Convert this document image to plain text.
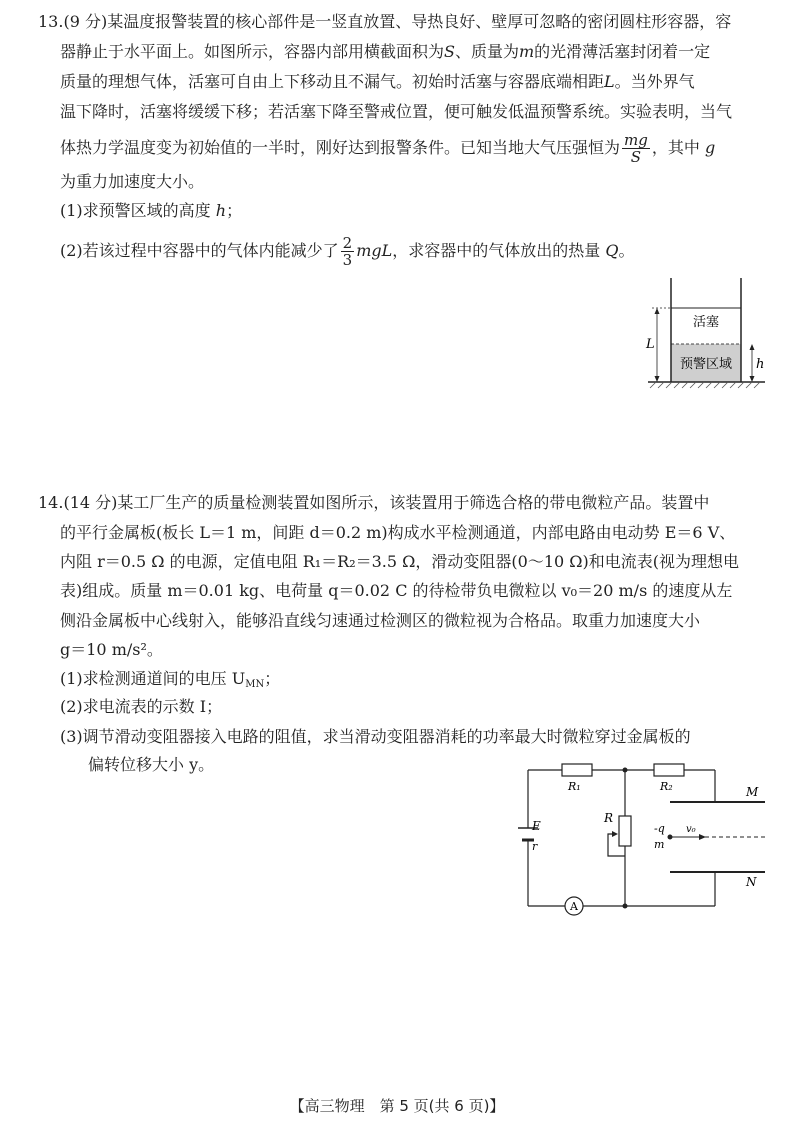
13.(9 分)某温度报警装置的核心部件是一竖直放置、导热良好、壁厚可忽略的密闭圆柱形容器，容
器静止于水平面上。如图所示，容器内部用横截面积为S、质量为m的光滑薄活塞封闭着一定
质量的理想气体，活塞可自由上下移动且不漏气。初始时活塞与容器底端相距L。当外界气
温下降时，活塞将缓缓下移；若活塞下降至警戒位置，便可触发低温预警系统。实验表明，当气
体热力学温度变为初始值的一半时，刚好达到报警条件。已知当地大气压强恒为 $\frac{mg}{S}$ ，其中 g
为重力加速度大小。
(1)求预警区域的高度 h；
(2)若该过程中容器中的气体内能减少了 $\frac{2}{3}$ mgL，求容器中的气体放出的热量 Q。
L
h
活塞
预警区域
14.(14 分)某工厂生产的质量检测装置如图所示，该装置用于筛选合格的带电微粒产品。装置中
的平行金属板(板长 L＝1 m，间距 d＝0.2 m)构成水平检测通道，内部电路由电动势 E＝6 V、
内阻 r＝0.5 Ω 的电源，定值电阻 R₁＝R₂＝3.5 Ω，滑动变阻器(0～10 Ω)和电流表(视为理想电
表)组成。质量 m＝0.01 kg、电荷量 q＝0.02 C 的待检带负电微粒以 v₀＝20 m/s 的速度从左
侧沿金属板中心线射入，能够沿直线匀速通过检测区的微粒视为合格品。取重力加速度大小
g＝10 m/s²。
(1)求检测通道间的电压 $U_{MN}$；
(2)求电流表的示数 I；
(3)调节滑动变阻器接入电路的阻值，求当滑动变阻器消耗的功率最大时微粒穿过金属板的
偏转位移大小 y。
A
R₁	R₂
R
E
r
M
N
-q
m
v₀
【高三物理　第 5 页(共 6 页)】
